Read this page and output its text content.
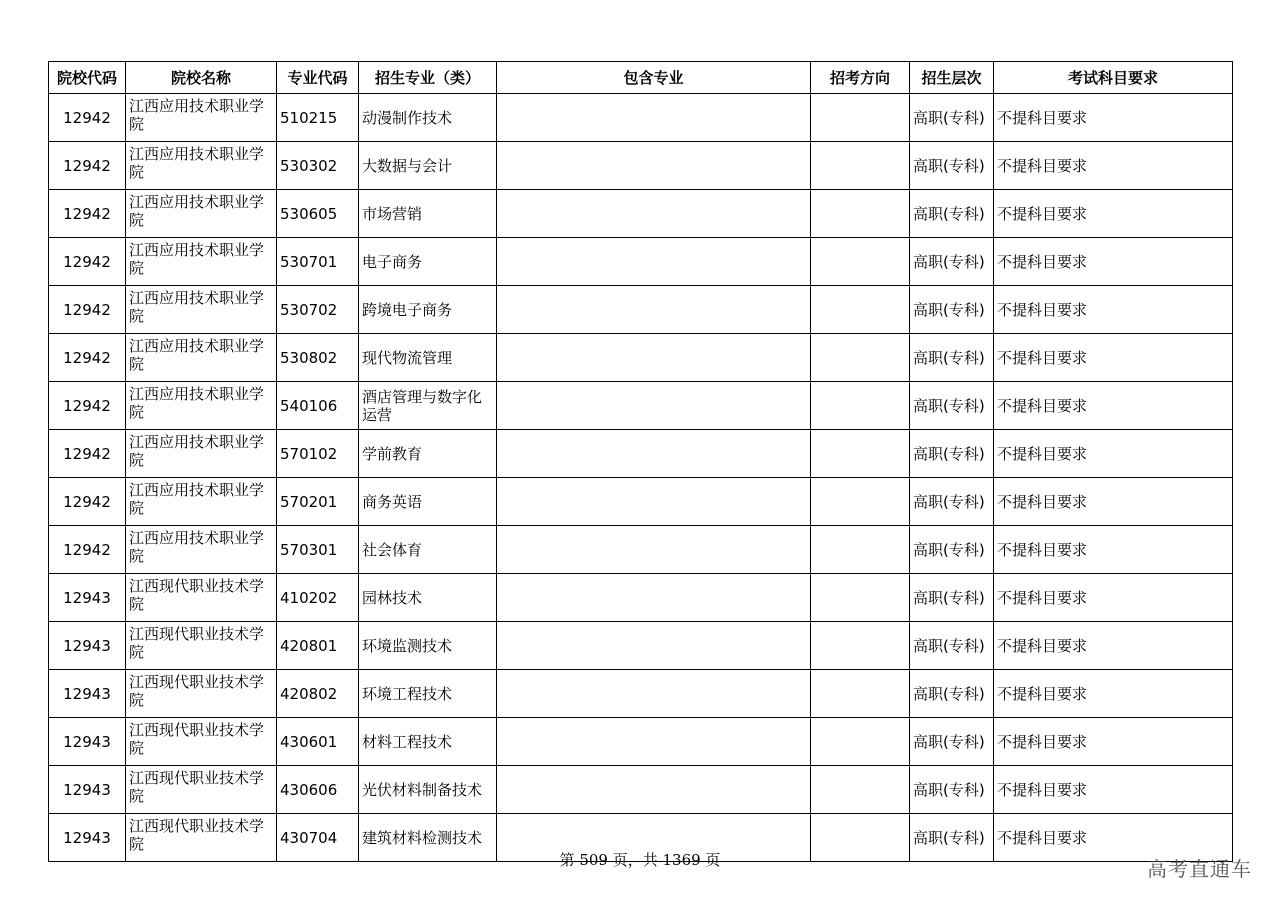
院校代码	院校名称	专业代码	招生专业（类）	包含专业	招考方向	招生层次	考试科目要求
12942	江西应用技术职业学院	510215	动漫制作技术			高职(专科)	不提科目要求
12942	江西应用技术职业学院	530302	大数据与会计			高职(专科)	不提科目要求
12942	江西应用技术职业学院	530605	市场营销			高职(专科)	不提科目要求
12942	江西应用技术职业学院	530701	电子商务			高职(专科)	不提科目要求
12942	江西应用技术职业学院	530702	跨境电子商务			高职(专科)	不提科目要求
12942	江西应用技术职业学院	530802	现代物流管理			高职(专科)	不提科目要求
12942	江西应用技术职业学院	540106	酒店管理与数字化运营			高职(专科)	不提科目要求
12942	江西应用技术职业学院	570102	学前教育			高职(专科)	不提科目要求
12942	江西应用技术职业学院	570201	商务英语			高职(专科)	不提科目要求
12942	江西应用技术职业学院	570301	社会体育			高职(专科)	不提科目要求
12943	江西现代职业技术学院	410202	园林技术			高职(专科)	不提科目要求
12943	江西现代职业技术学院	420801	环境监测技术			高职(专科)	不提科目要求
12943	江西现代职业技术学院	420802	环境工程技术			高职(专科)	不提科目要求
12943	江西现代职业技术学院	430601	材料工程技术			高职(专科)	不提科目要求
12943	江西现代职业技术学院	430606	光伏材料制备技术			高职(专科)	不提科目要求
12943	江西现代职业技术学院	430704	建筑材料检测技术			高职(专科)	不提科目要求
第 509 页，共 1369 页	高考直通车
